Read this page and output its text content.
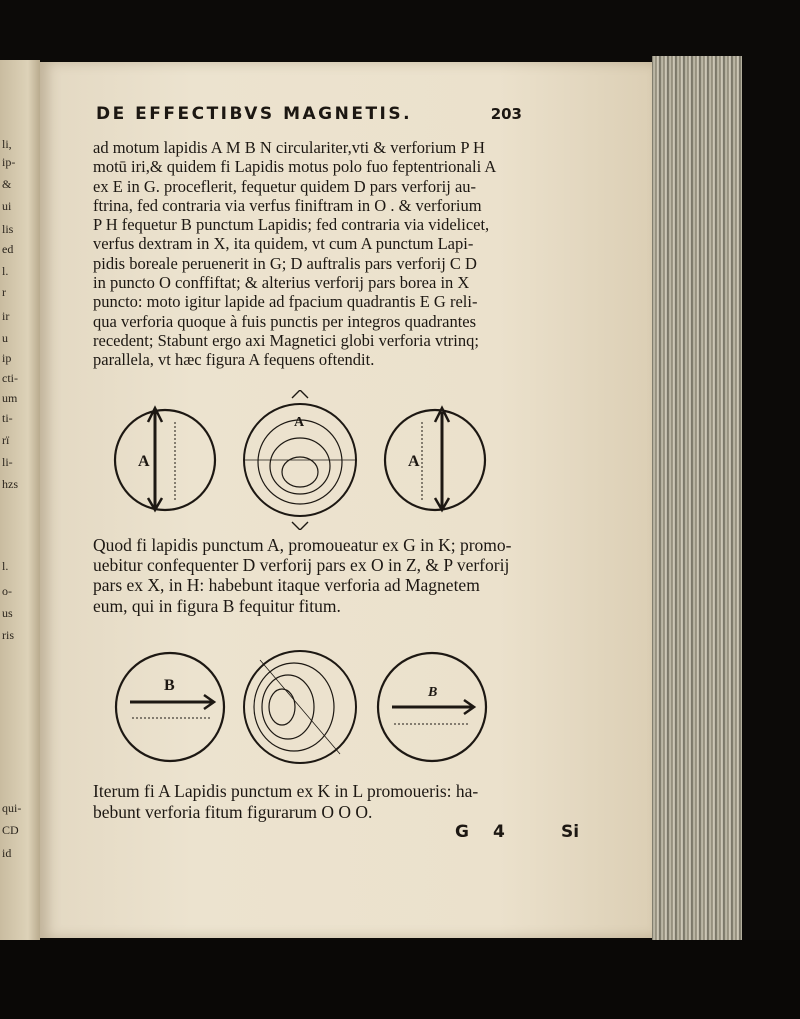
li,
ip-
&
ui
lis
ed
l.
r
ir
u
ip
cti-
um
ti-
rï
li-
hzs
l.
o-
us
ris
qui-
CD
id
DE EFFECTIBVS MAGNETIS.	203

ad motum lapidis A M B N circulariter,vti & verforium P H
motū iri,& quidem fi Lapidis motus polo fuo feptentrionali A
ex E in G. proceflerit, fequetur quidem D pars verforij au-
ftrina, fed contraria via verfus finiftram in O . & verforium
P H fequetur B punctum Lapidis; fed contraria via videlicet,
verfus dextram in X, ita quidem, vt cum A punctum Lapi-
pidis boreale peruenerit in G; D auftralis pars verforij C D
in puncto O conffiftat; & alterius verforij pars borea in X
puncto: moto igitur lapide ad fpacium quadrantis E G reli-
qua verforia quoque à fuis punctis per integros quadrantes
recedent; Stabunt ergo axi Magnetici globi verforia vtrinq;
parallela, vt hæc figura A fequens oftendit.

A
A
A

Quod fi lapidis punctum A, promoueatur ex G in K; promo-
uebitur confequenter D verforij pars ex O in Z, & P verforij
pars ex X, in H: habebunt itaque verforia ad Magnetem
eum, qui in figura B fequitur fitum.

B	B

Iterum fi A Lapidis punctum ex K in L promoueris: ha-
bebunt verforia fitum figurarum O O O.

G 4	Si
